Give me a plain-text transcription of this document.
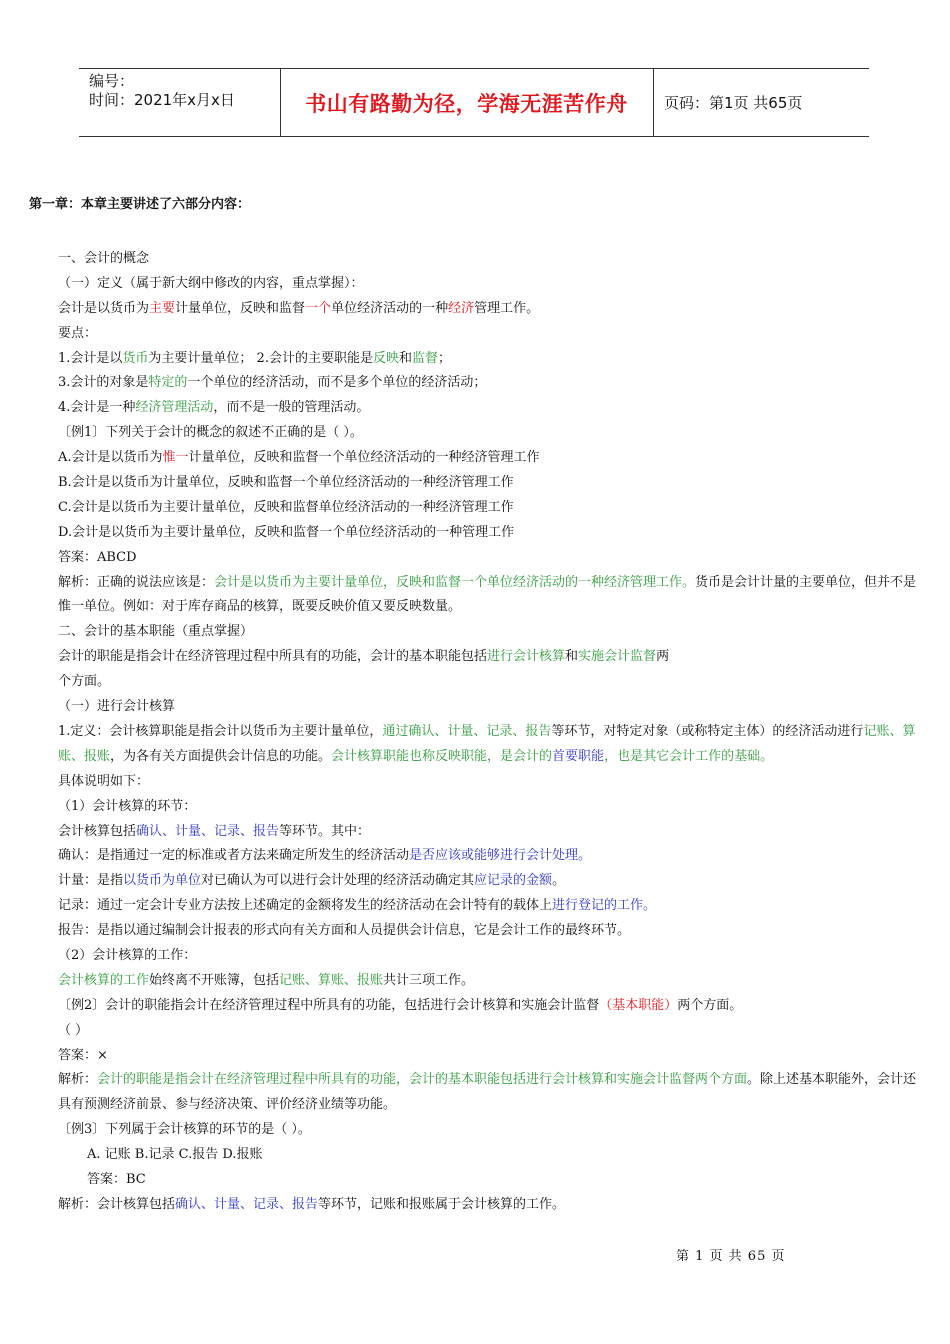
编号：
时间：2021年x月x日	书山有路勤为径，学海无涯苦作舟	页码：第1页 共65页
第一章：本章主要讲述了六部分内容：
一、会计的概念
（一）定义（属于新大纲中修改的内容，重点掌握）：
会计是以货币为主要计量单位，反映和监督一个单位经济活动的一种经济管理工作。
要点：
1.会计是以货币为主要计量单位； 2.会计的主要职能是反映和监督；
3.会计的对象是特定的一个单位的经济活动，而不是多个单位的经济活动；
4.会计是一种经济管理活动，而不是一般的管理活动。
〔例1〕下列关于会计的概念的叙述不正确的是（ ）。
A.会计是以货币为惟一计量单位，反映和监督一个单位经济活动的一种经济管理工作
B.会计是以货币为计量单位，反映和监督一个单位经济活动的一种经济管理工作
C.会计是以货币为主要计量单位，反映和监督单位经济活动的一种经济管理工作
D.会计是以货币为主要计量单位，反映和监督一个单位经济活动的一种管理工作
答案：ABCD
解析：正确的说法应该是：会计是以货币为主要计量单位，反映和监督一个单位经济活动的一种经济管理工作。货币是会计计量的主要单位，但并不是惟一单位。例如：对于库存商品的核算，既要反映价值又要反映数量。
二、会计的基本职能（重点掌握）
会计的职能是指会计在经济管理过程中所具有的功能，会计的基本职能包括进行会计核算和实施会计监督两
个方面。
（一）进行会计核算
1.定义：会计核算职能是指会计以货币为主要计量单位，通过确认、计量、记录、报告等环节，对特定对象（或称特定主体）的经济活动进行记账、算账、报账，为各有关方面提供会计信息的功能。会计核算职能也称反映职能，是会计的首要职能，也是其它会计工作的基础。
具体说明如下：
（1）会计核算的环节：
会计核算包括确认、计量、记录、报告等环节。其中：
确认：是指通过一定的标准或者方法来确定所发生的经济活动是否应该或能够进行会计处理。
计量：是指以货币为单位对已确认为可以进行会计处理的经济活动确定其应记录的金额。
记录：通过一定会计专业方法按上述确定的金额将发生的经济活动在会计特有的载体上进行登记的工作。
报告：是指以通过编制会计报表的形式向有关方面和人员提供会计信息，它是会计工作的最终环节。
（2）会计核算的工作：
会计核算的工作始终离不开账簿，包括记账、算账、报账共计三项工作。
〔例2〕会计的职能指会计在经济管理过程中所具有的功能，包括进行会计核算和实施会计监督（基本职能）两个方面。
（ ）
答案：×
解析：会计的职能是指会计在经济管理过程中所具有的功能，会计的基本职能包括进行会计核算和实施会计监督两个方面。除上述基本职能外，会计还具有预测经济前景、参与经济决策、评价经济业绩等功能。
〔例3〕下列属于会计核算的环节的是（ ）。
A. 记账 B.记录 C.报告 D.报账
答案：BC
解析：会计核算包括确认、计量、记录、报告等环节，记账和报账属于会计核算的工作。
第 1 页 共 65 页
